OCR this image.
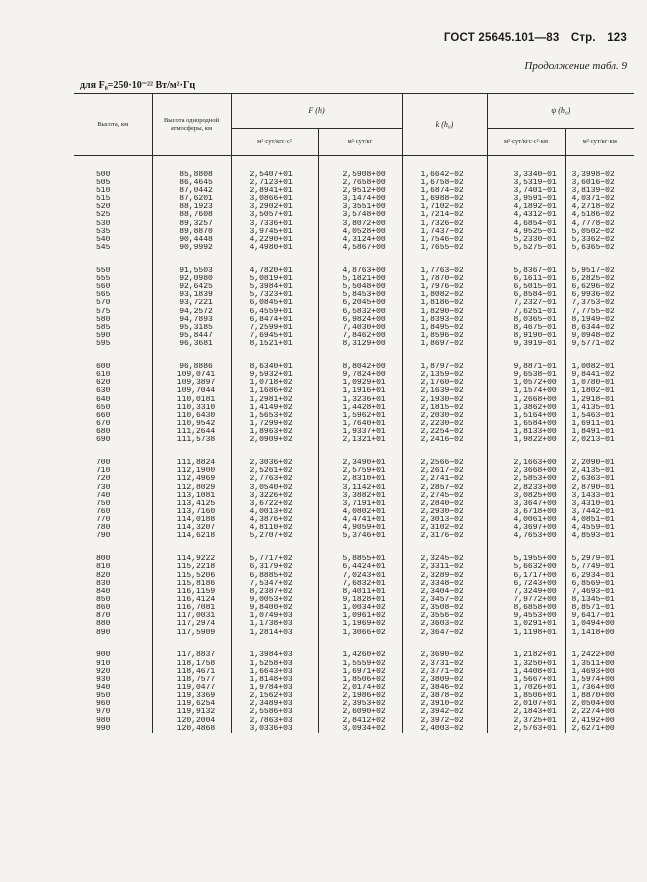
ГОСТ 25645.101—83 Стр. 123
Продолжение табл. 9
для F₀=250·10⁻²² Вт/м²·Гц
Высота, км	Высота однородной атмосферы, км	F (h)		k (h₀)	ψ (h₀)	
		м²·сут/кгс·с²	м²·сут/кг		м²·сут/кгс·с²·км	м²·сут/кг·км

500	85,8808	2,5407+01	2,5908+00	1,6642−02	3,3340−01	3,3998−02
505	86,4645	2,7123+01	2,7658+00	1,6758−02	3,5319−01	3,6016−02
510	87,0442	2,8941+01	2,9512+00	1,6874−02	3,7401−01	3,8139−02
515	87,6201	3,0866+01	3,1474+00	1,6988−02	3,9591−01	4,0371−02
520	88,1923	3,2902+01	3,3551+00	1,7102−02	4,1892−01	4,2718−02
525	88,7608	3,5057+01	3,5748+00	1,7214−02	4,4312−01	4,5186−02
530	89,3257	3,7336+01	3,8072+00	1,7326−02	4,6854−01	4,7778−02
535	89,8870	3,9745+01	4,0528+00	1,7437−02	4,9525−01	5,0502−02
540	90,4448	4,2290+01	4,3124+00	1,7546−02	5,2330−01	5,3362−02
545	90,9992	4,4980+01	4,5867+00	1,7655−02	5,5275−01	5,6365−02

550	91,5503	4,7820+01	4,8763+00	1,7763−02	5,8367−01	5,9517−02
555	92,0980	5,0819+01	5,1821+00	1,7870−02	6,1611−01	6,2825−02
560	92,6425	5,3984+01	5,5048+00	1,7976−02	6,5015−01	6,6296−02
565	93,1839	5,7323+01	5,8453+00	1,8082−02	6,8584−01	6,9936−02
570	93,7221	6,0845+01	6,2045+00	1,8186−02	7,2327−01	7,3753−02
575	94,2572	6,4559+01	6,5832+00	1,8290−02	7,6251−01	7,7755−02
580	94,7893	6,8474+01	6,9824+00	1,8393−02	8,0365−01	8,1949−02
585	95,3185	7,2599+01	7,4030+00	1,8495−02	8,4675−01	8,6344−02
590	95,8447	7,6945+01	7,8462+00	1,8596−02	8,9190−01	9,0948−02
595	96,3681	8,1521+01	8,3129+00	1,8697−02	9,3919−01	9,5771−02

600	96,8886	8,6340+01	8,8042+00	1,8797−02	9,8871−01	1,0082−01
610	109,0741	9,5932+01	9,7824+00	2,1359−02	9,6538−01	9,8441−02
620	109,3897	1,0718+02	1,0929+01	2,1760−02	1,0572+00	1,0780−01
630	109,7044	1,1686+02	1,1916+01	2,1639−02	1,1574+00	1,1802−01
640	110,0181	1,2981+02	1,3236+01	2,1930−02	1,2668+00	1,2918−01
650	110,3310	1,4149+02	1,4428+01	2,1815−02	1,3862+00	1,4135−01
660	110,6430	1,5653+02	1,5962+01	2,2030−02	1,5164+00	1,5463−01
670	110,9542	1,7299+02	1,7640+01	2,2230−02	1,6584+00	1,6911−01
680	111,2644	1,8963+02	1,9337+01	2,2254−02	1,8133+00	1,8491−01
690	111,5738	2,0909+02	2,1321+01	2,2416−02	1,9822+00	2,0213−01

700	111,8824	2,3036+02	2,3490+01	2,2566−02	2,1663+00	2,2090−01
710	112,1900	2,5261+02	2,5759+01	2,2617−02	2,3668+00	2,4135−01
720	112,4969	2,7763+02	2,8310+01	2,2741−02	2,5853+00	2,6363−01
730	112,8029	3,0540+02	3,1142+01	2,2857−02	2,8233+00	2,8790−01
740	113,1081	3,3226+02	3,3882+01	2,2745−02	3,0825+00	3,1433−01
750	113,4125	3,6722+02	3,7191+01	2,2840−02	3,3647+00	3,4310−01
760	113,7160	4,0013+02	4,0802+01	2,2930−02	3,6718+00	3,7442−01
770	114,0188	4,3876+02	4,4741+01	2,3013−02	4,0061+00	4,0851−01
780	114,3207	4,8110+02	4,9059+01	2,3102−02	4,3697+00	4,4559−01
790	114,6218	5,2707+02	5,3746+01	2,3176−02	4,7653+00	4,8593−01

800	114,9222	5,7717+02	5,8855+01	2,3245−02	5,1955+00	5,2979−01
810	115,2218	6,3179+02	6,4424+01	2,3311−02	5,6632+00	5,7749−01
820	115,5206	6,8885+02	7,0243+01	2,3289−02	6,1717+00	6,2934−01
830	115,8186	7,5347+02	7,6832+01	2,3348−02	6,7243+00	6,8569−01
840	116,1159	8,2387+02	8,4011+01	2,3404−02	7,3249+00	7,4693−01
850	116,4124	9,0053+02	9,1828+01	2,3457−02	7,9772+00	8,1345−01
860	116,7081	9,8400+02	1,0034+02	2,3508−02	8,6858+00	8,8571−01
870	117,0031	1,0749+03	1,0961+02	2,3556−02	9,4553+00	9,6417−01
880	117,2974	1,1738+03	1,1969+02	2,3603−02	1,0291+01	1,0494+00
890	117,5909	1,2814+03	1,3066+02	2,3647−02	1,1198+01	1,1418+00

900	117,8837	1,3984+03	1,4260+02	2,3690−02	1,2182+01	1,2422+00
910	118,1758	1,5258+03	1,5559+02	2,3731−02	1,3250+01	1,3511+00
920	118,4671	1,6643+03	1,6971+02	2,3771−02	1,4408+01	1,4693+00
930	118,7577	1,8148+03	1,8506+02	2,3809−02	1,5667+01	1,5974+00
940	119,0477	1,9784+03	2,0174+02	2,3846−02	1,7026+01	1,7364+00
950	119,3369	2,1562+03	2,1986+02	2,3878−02	1,8506+01	1,8870+00
960	119,6254	2,3489+03	2,3953+02	2,3910−02	2,0107+01	2,0504+00
970	119,9132	2,5586+03	2,6090+02	2,3942−02	2,1843+01	2,2274+00
980	120,2004	2,7863+03	2,8412+02	2,3972−02	2,3725+01	2,4192+00
990	120,4868	3,0336+03	3,0934+02	2,4003−02	2,5763+01	2,6271+00
